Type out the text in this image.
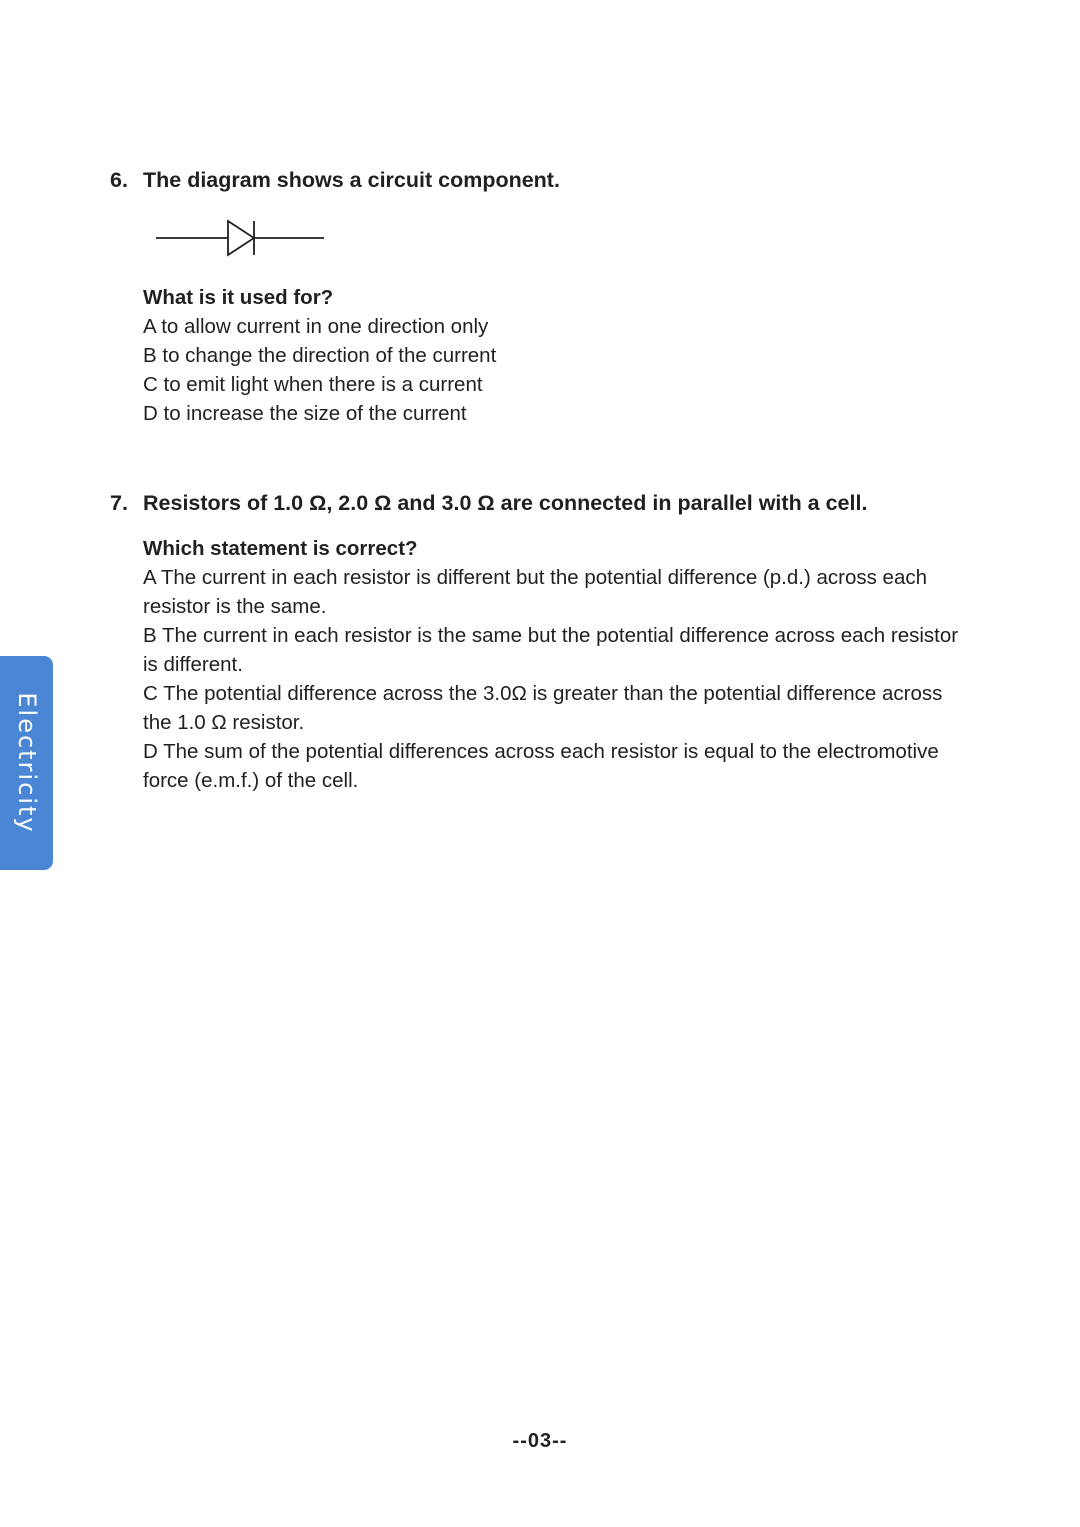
6. The diagram shows a circuit component.
What is it used for?

A to allow current in one direction only

B to change the direction of the current

C to emit light when there is a current

D to increase the size of the current

7. Resistors of 1.0 Ω, 2.0 Ω and 3.0 Ω are connected in parallel with a cell.
Which statement is correct?

A The current in each resistor is different but the potential difference (p.d.) across each resistor is the same.

B The current in each resistor is the same but the potential difference across each resistor is different.

C The potential difference across the 3.0Ω is greater than the potential difference across the 1.0 Ω resistor.

D The sum of the potential differences across each resistor is equal to the electromotive force (e.m.f.) of the cell.

Electricity
--03--
